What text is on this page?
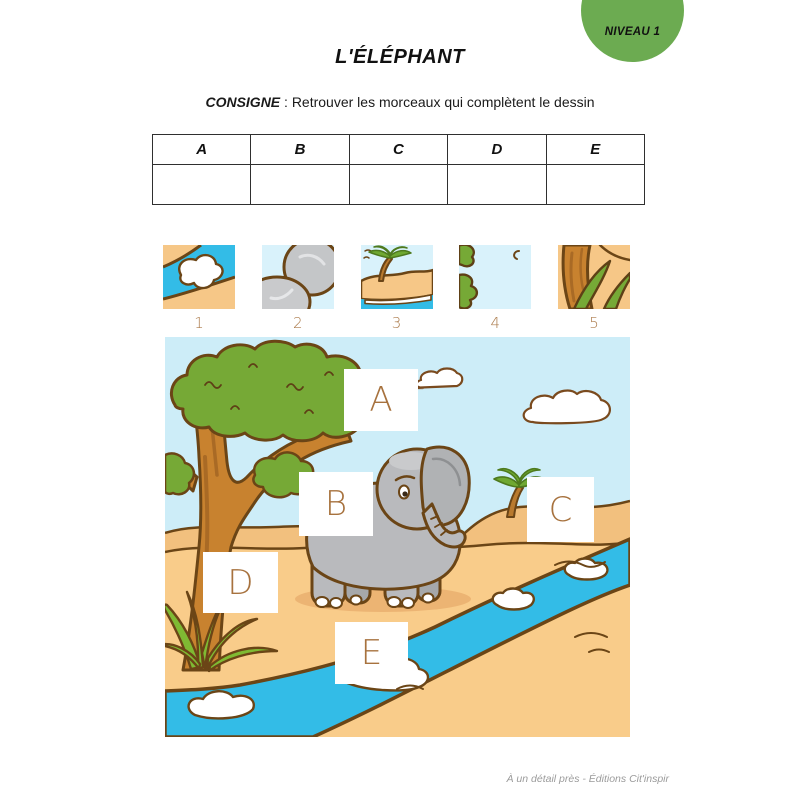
NIVEAU 1
L'ÉLÉPHANT
CONSIGNE : Retrouver les morceaux qui complètent le dessin
A	B	C	D	E

1	2	3	4	5
A
B	C
D
E
À un détail près - Éditions Cit'inspir
